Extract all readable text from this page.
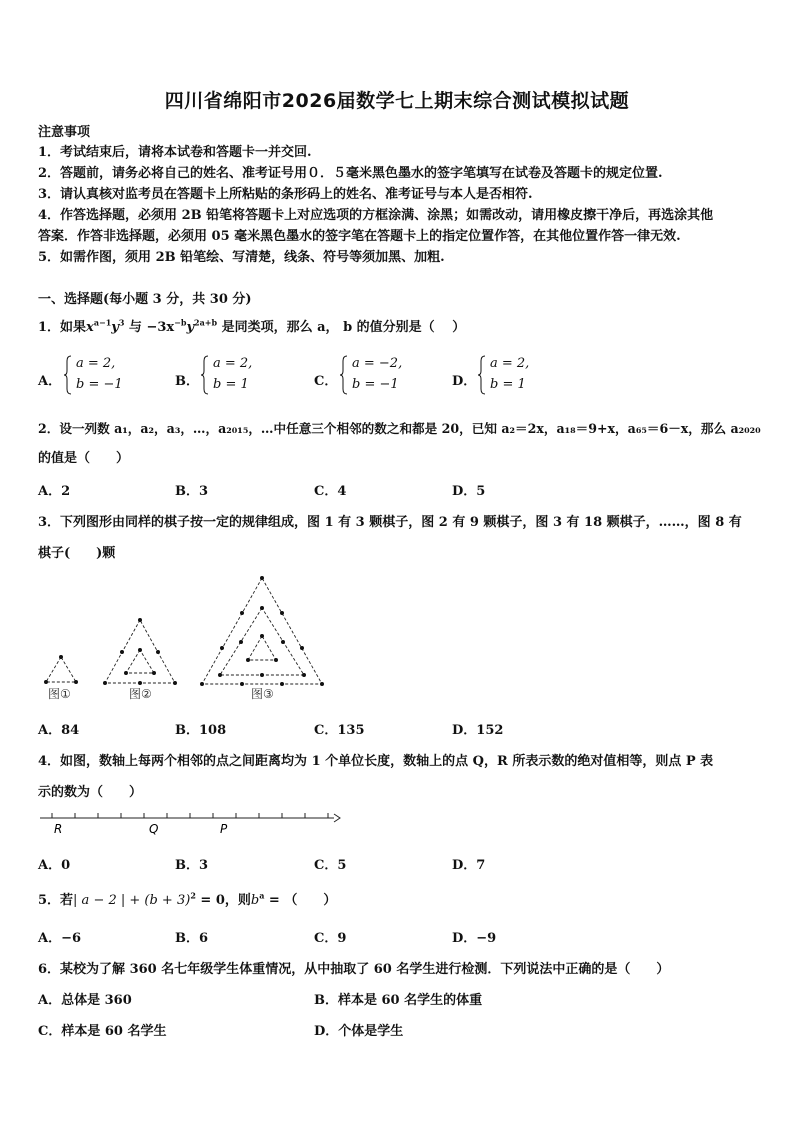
四川省绵阳市2026届数学七上期末综合测试模拟试题
注意事项
1．考试结束后，请将本试卷和答题卡一并交回.
2．答题前，请务必将自己的姓名、准考证号用０．５毫米黑色墨水的签字笔填写在试卷及答题卡的规定位置.
3．请认真核对监考员在答题卡上所粘贴的条形码上的姓名、准考证号与本人是否相符.
4．作答选择题，必须用 2B 铅笔将答题卡上对应选项的方框涂满、涂黑；如需改动，请用橡皮擦干净后，再选涂其他
答案．作答非选择题，必须用 05 毫米黑色墨水的签字笔在答题卡上的指定位置作答，在其他位置作答一律无效.
5．如需作图，须用 2B 铅笔绘、写清楚，线条、符号等须加黑、加粗.
一、选择题(每小题 3 分，共 30 分)
1．如果$x^{a-1}y^3$ 与 $-3x^{-b}y^{2a+b}$ 是同类项，那么 a， b 的值分别是（　 ）
A．
a = 2,
b = −1	B．
a = 2,
b = 1	C．
a = −2,
b = −1	D．
a = 2,
b = 1
2．设一列数 a₁，a₂，a₃，…，a₂₀₁₅，…中任意三个相邻的数之和都是 20，已知 a₂＝2x，a₁₈＝9+x，a₆₅＝6－x，那么 a₂₀₂₀
的值是（　　）
A．2	B．3	C．4	D．5
3．下列图形由同样的棋子按一定的规律组成，图 1 有 3 颗棋子，图 2 有 9 颗棋子，图 3 有 18 颗棋子，……，图 8 有
棋子(　　)颗
图①	图②	图③
A．84	B．108	C．135	D．152
4．如图，数轴上每两个相邻的点之间距离均为 1 个单位长度，数轴上的点 Q，R 所表示数的绝对值相等，则点 P 表
示的数为（　　）
R	Q	P
A．0	B．3	C．5	D．7
5．若| a − 2 | + $(b + 3)^2 = 0$，则$b^a$ = （　　）
A．−6	B．6	C．9	D．−9
6．某校为了解 360 名七年级学生体重情况，从中抽取了 60 名学生进行检测．下列说法中正确的是（　　）
A．总体是 360	B．样本是 60 名学生的体重
C．样本是 60 名学生	D．个体是学生
